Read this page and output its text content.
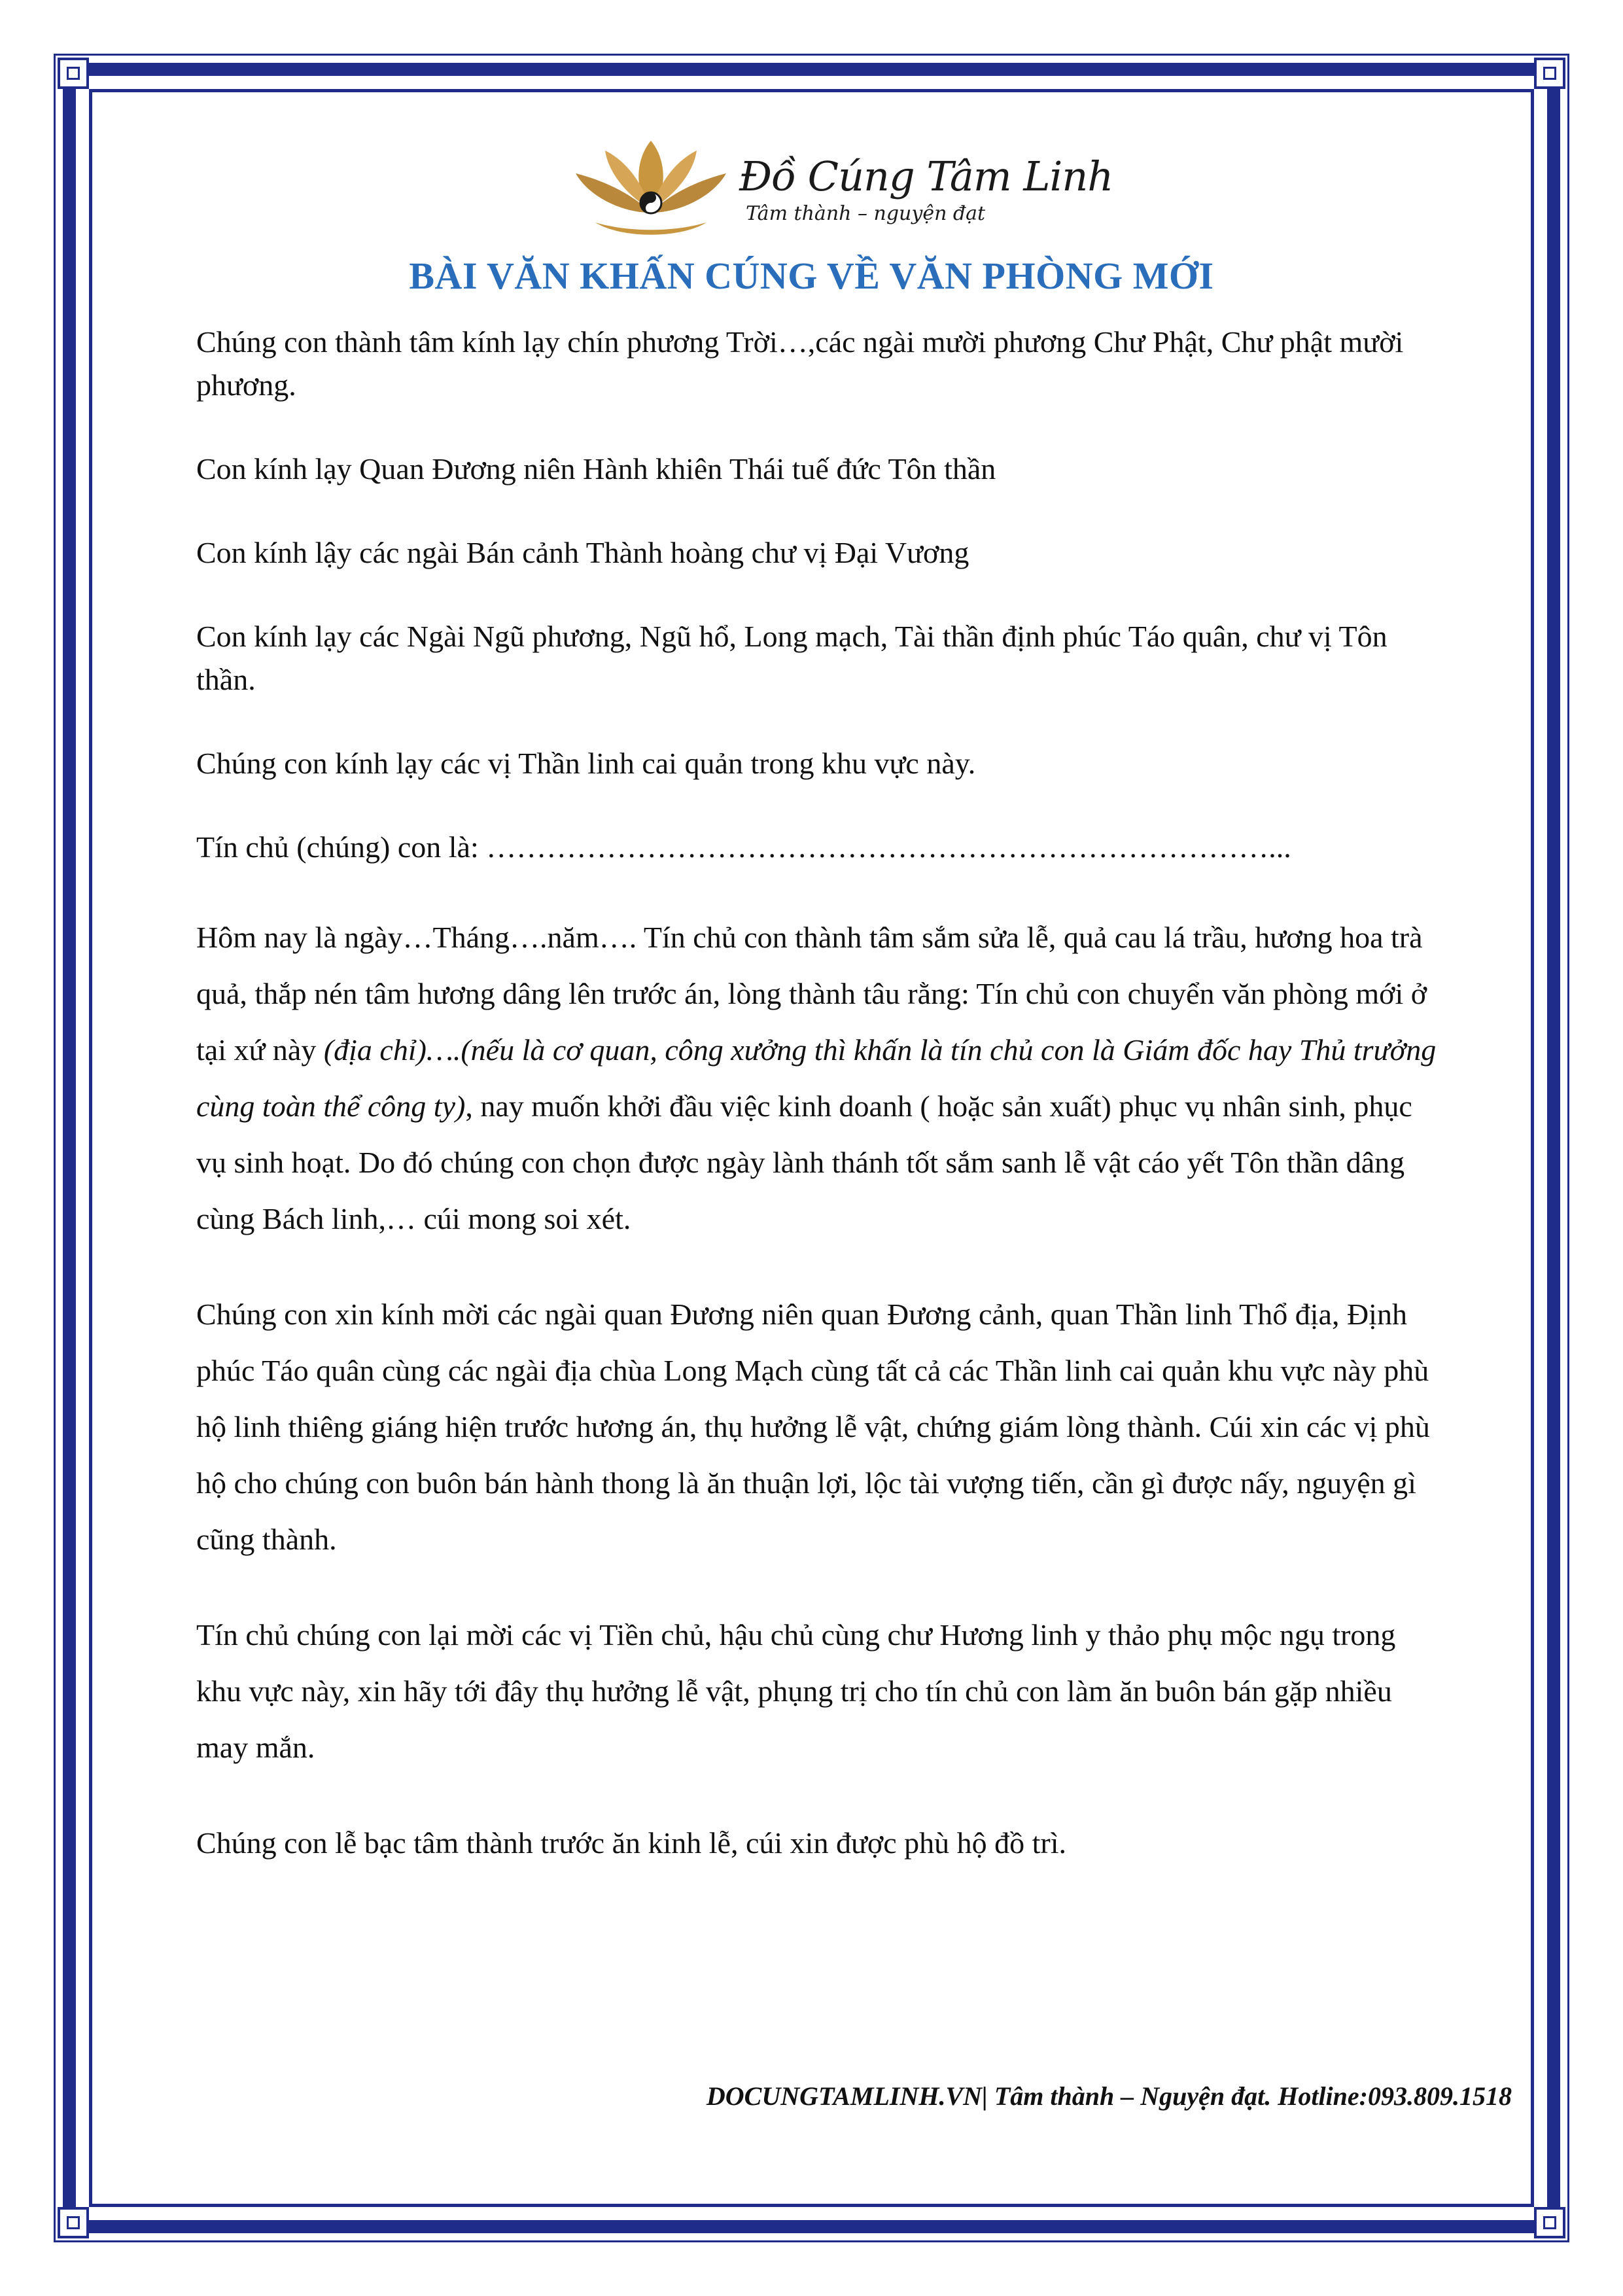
Đồ Cúng Tâm Linh
Tâm thành – nguyện đạt
BÀI VĂN KHẤN CÚNG VỀ VĂN PHÒNG MỚI

Chúng con thành tâm kính lạy chín phương Trời…,các ngài mười phương Chư Phật, Chư phật mười phương.

Con kính lạy Quan Đương niên Hành khiên Thái tuế đức Tôn thần

Con kính lậy các ngài Bán cảnh Thành hoàng chư vị Đại Vương

Con kính lạy các Ngài Ngũ phương, Ngũ hổ, Long mạch, Tài thần định phúc Táo quân, chư vị Tôn thần.

Chúng con kính lạy các vị Thần linh cai quản trong khu vực này.

Tín chủ (chúng) con là: ……………………………………………………………………...

Hôm nay là ngày…Tháng….năm…. Tín chủ con thành tâm sắm sửa lễ, quả cau lá trầu, hương hoa trà quả, thắp nén tâm hương dâng lên trước án, lòng thành tâu rằng: Tín chủ con chuyển văn phòng mới ở tại xứ này (địa chỉ)….(nếu là cơ quan, công xưởng thì khấn là tín chủ con là Giám đốc hay Thủ trưởng cùng toàn thể công ty), nay muốn khởi đầu việc kinh doanh ( hoặc sản xuất) phục vụ nhân sinh, phục vụ sinh hoạt. Do đó chúng con chọn được ngày lành thánh tốt sắm sanh lễ vật cáo yết Tôn thần dâng cùng Bách linh,… cúi mong soi xét.

Chúng con xin kính mời các ngài quan Đương niên quan Đương cảnh, quan Thần linh Thổ địa, Định phúc Táo quân cùng các ngài địa chùa Long Mạch cùng tất cả các Thần linh cai quản khu vực này phù hộ linh thiêng giáng hiện trước hương án, thụ hưởng lễ vật, chứng giám lòng thành. Cúi xin các vị phù hộ cho chúng con buôn bán hành thong là ăn thuận lợi, lộc tài vượng tiến, cần gì được nấy, nguyện gì cũng thành.

Tín chủ chúng con lại mời các vị Tiền chủ, hậu chủ cùng chư Hương linh y thảo phụ mộc ngụ trong khu vực này, xin hãy tới đây thụ hưởng lễ vật, phụng trị cho tín chủ con làm ăn buôn bán gặp nhiều may mắn.

Chúng con lễ bạc tâm thành trước ăn kinh lễ, cúi xin được phù hộ đồ trì.

DOCUNGTAMLINH.VN| Tâm thành – Nguyện đạt. Hotline:093.809.1518
